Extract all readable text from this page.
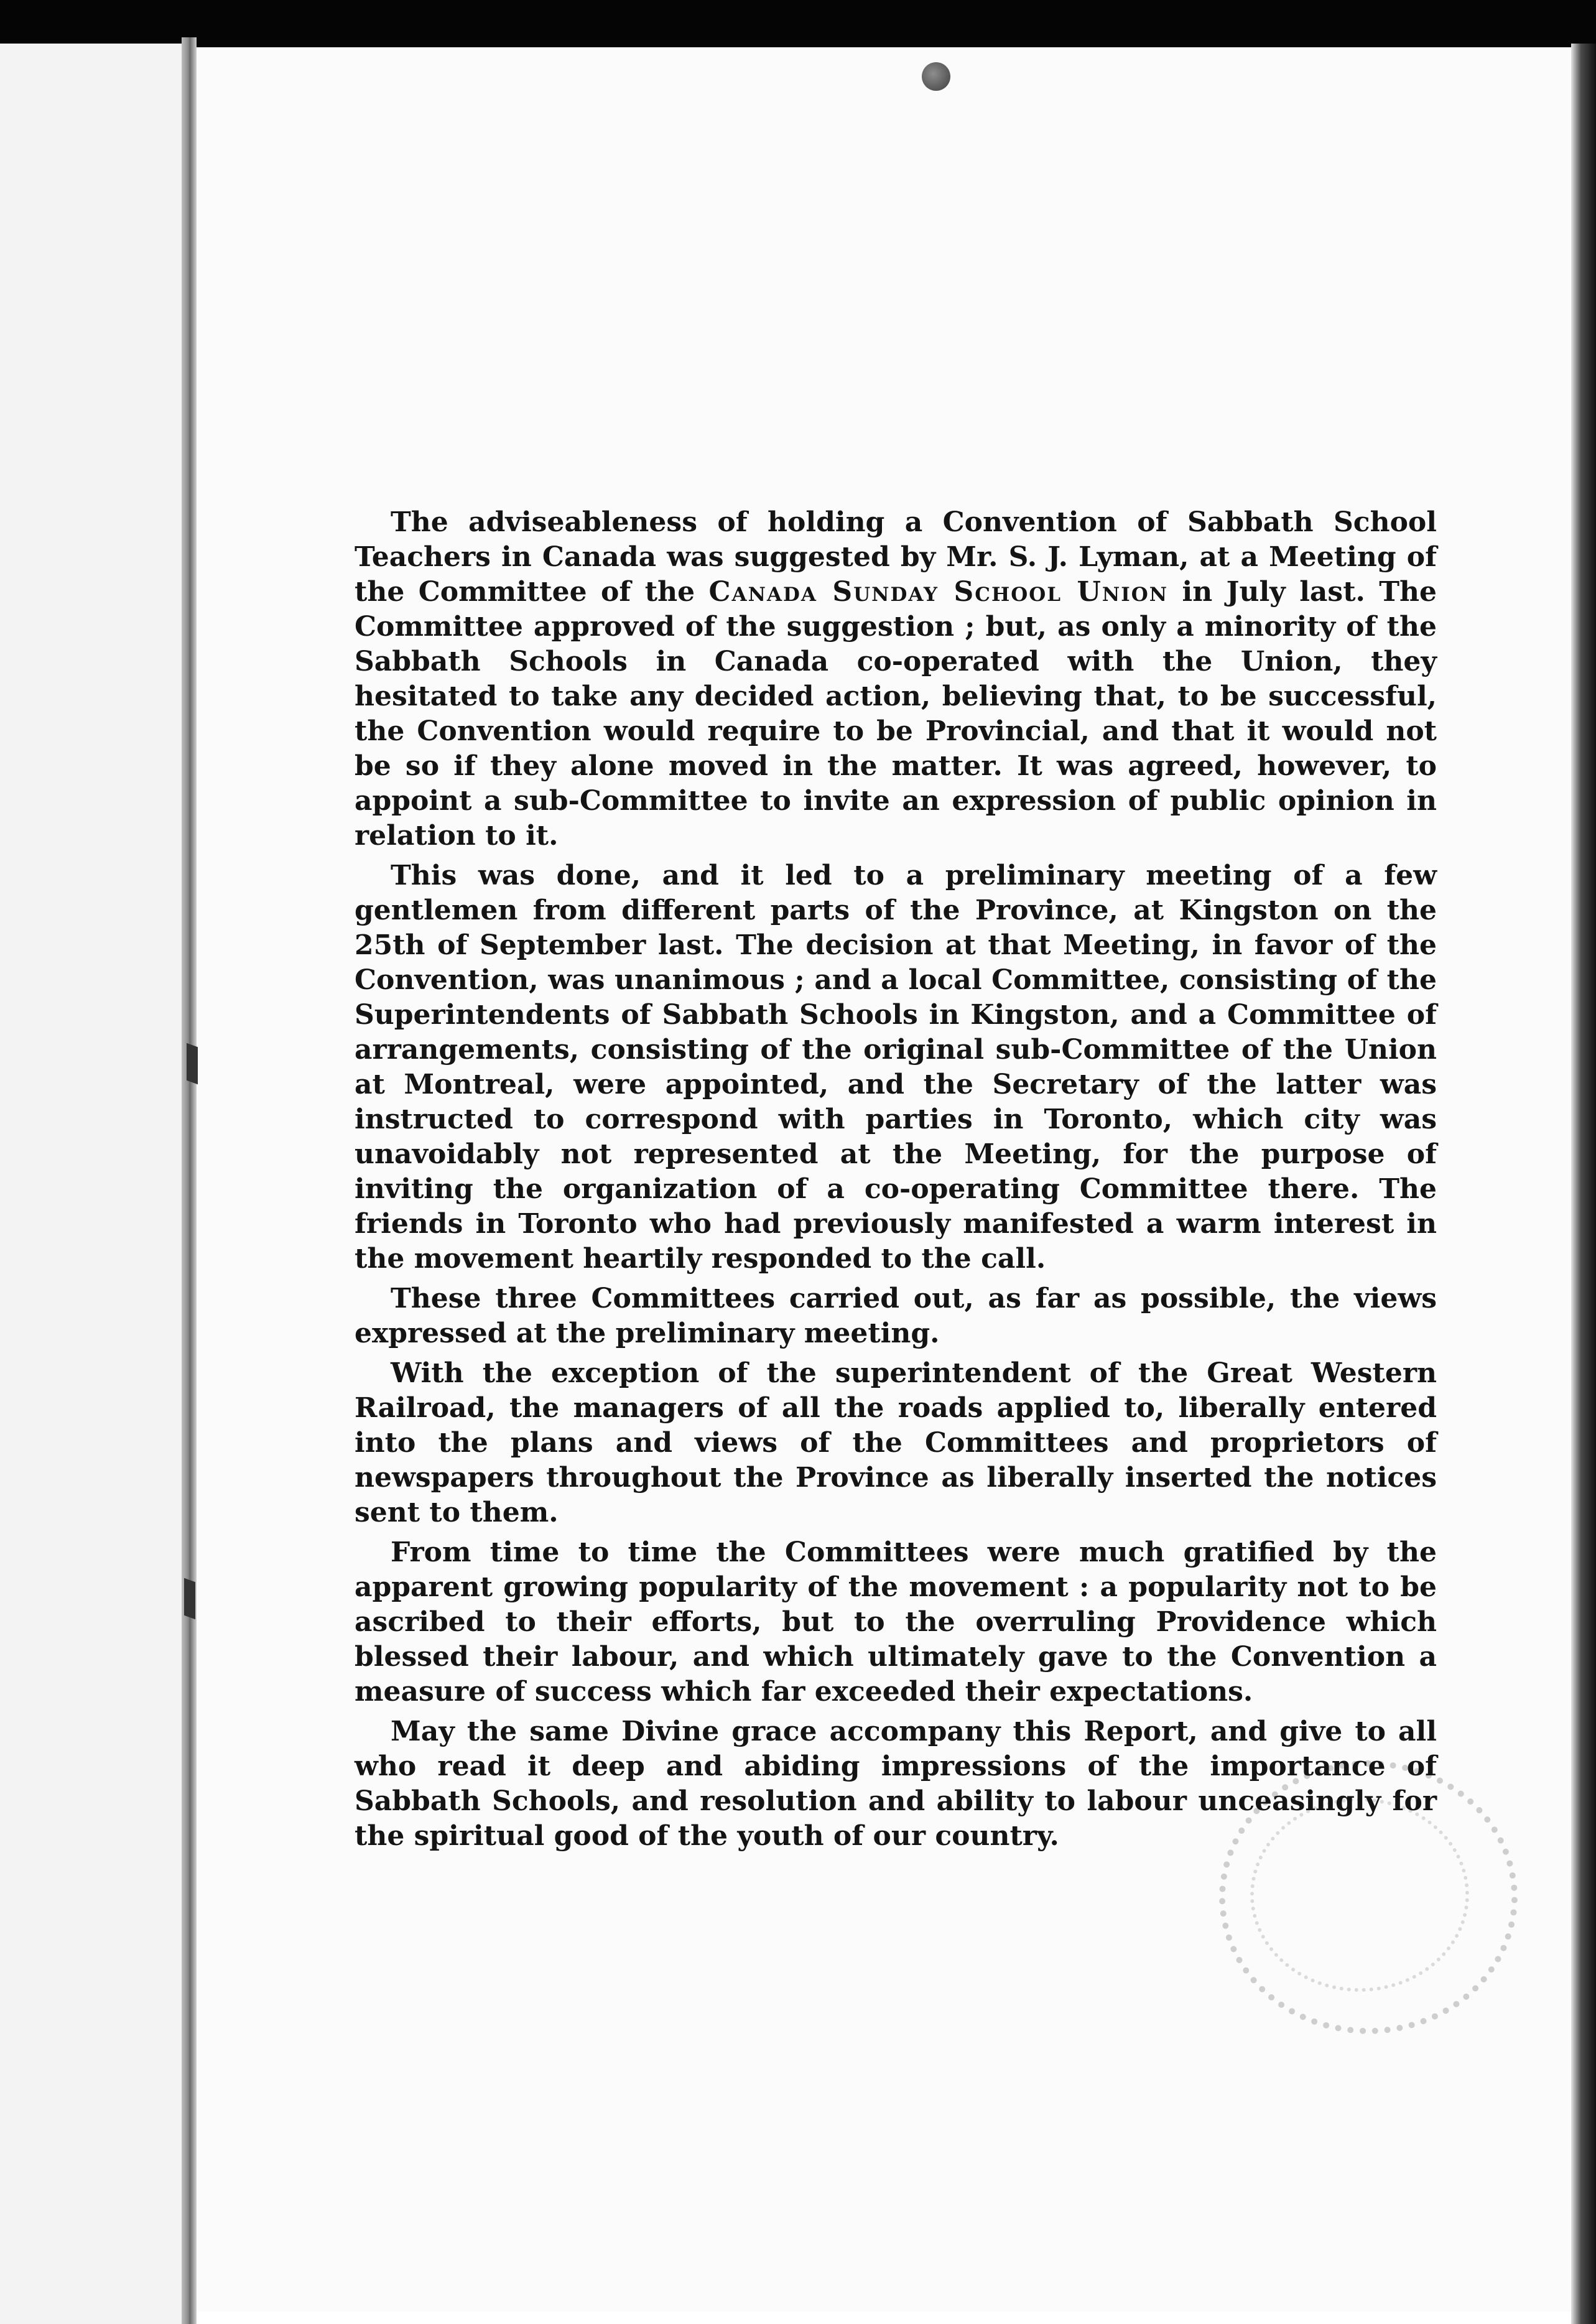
The adviseableness of holding a Convention of Sabbath School Teachers in Canada was suggested by Mr. S. J. Lyman, at a Meeting of the Committee of the Canada Sunday School Union in July last. The Committee approved of the suggestion ; but, as only a minority of the Sabbath Schools in Canada co-operated with the Union, they hesitated to take any decided action, believing that, to be successful, the Convention would require to be Provincial, and that it would not be so if they alone moved in the matter. It was agreed, however, to appoint a sub-Committee to invite an expression of public opinion in relation to it.

This was done, and it led to a preliminary meeting of a few gentlemen from different parts of the Province, at Kingston on the 25th of September last. The decision at that Meeting, in favor of the Convention, was unanimous ; and a local Committee, consisting of the Superintendents of Sabbath Schools in Kingston, and a Committee of arrangements, consisting of the original sub-Committee of the Union at Montreal, were appointed, and the Secretary of the latter was instructed to correspond with parties in Toronto, which city was unavoidably not represented at the Meeting, for the purpose of inviting the organization of a co-operating Committee there. The friends in Toronto who had previously manifested a warm interest in the movement heartily responded to the call.

These three Committees carried out, as far as possible, the views expressed at the preliminary meeting.

With the exception of the superintendent of the Great Western Railroad, the managers of all the roads applied to, liberally entered into the plans and views of the Committees and proprietors of newspapers throughout the Province as liberally inserted the notices sent to them.

From time to time the Committees were much gratified by the apparent growing popularity of the movement : a popularity not to be ascribed to their efforts, but to the overruling Providence which blessed their labour, and which ultimately gave to the Convention a measure of success which far exceeded their expectations.

May the same Divine grace accompany this Report, and give to all who read it deep and abiding impressions of the importance of Sabbath Schools, and resolution and ability to labour unceasingly for the spiritual good of the youth of our country.
